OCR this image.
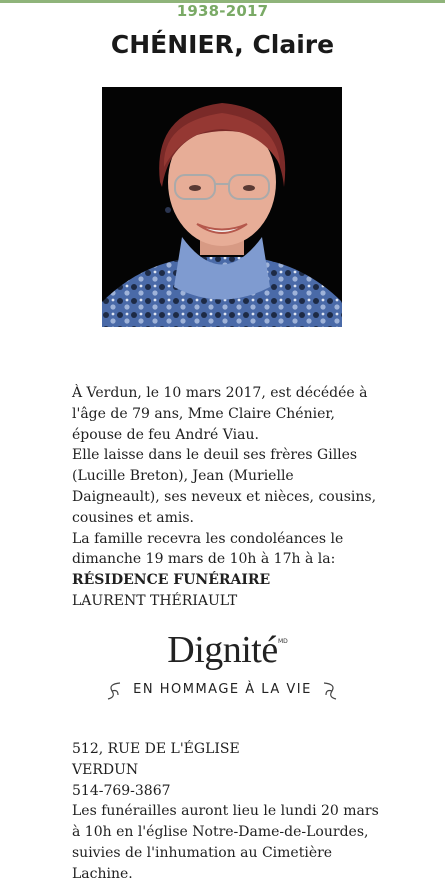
1938-2017
CHÉNIER, Claire

À Verdun, le 10 mars 2017, est décédée à l'âge de 79 ans, Mme Claire Chénier, épouse de feu André Viau.

Elle laisse dans le deuil ses frères Gilles (Lucille Breton), Jean (Murielle Daigneault), ses neveux et nièces, cousins, cousines et amis.

La famille recevra les condoléances le dimanche 19 mars de 10h à 17h à la:

RÉSIDENCE FUNÉRAIRE

LAURENT THÉRIAULT

Dignité MD
EN HOMMAGE À LA VIE

512, RUE DE L'ÉGLISE

VERDUN

514-769-3867

Les funérailles auront lieu le lundi 20 mars à 10h en l'église Notre-Dame-de-Lourdes, suivies de l'inhumation au Cimetière Lachine.
